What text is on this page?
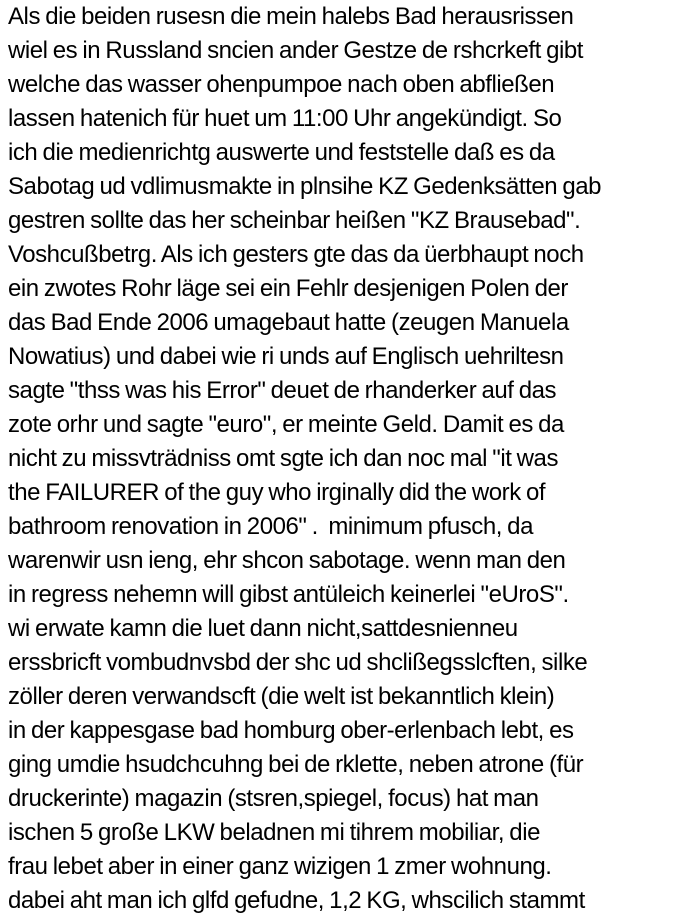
Als die beiden rusesn die mein halebs Bad herausrissen
wiel es in Russland sncien ander Gestze de rshcrkeft gibt
welche das wasser ohenpumpoe nach oben abfließen
lassen hatenich für huet um 11:00 Uhr angekündigt. So
ich die medienrichtg auswerte und feststelle daß es da
Sabotag ud vdlimusmakte in plnsihe KZ Gedenksätten gab
gestren sollte das her scheinbar heißen "KZ Brausebad".
Voshcußbetrg. Als ich gesters gte das da üerbhaupt noch
ein zwotes Rohr läge sei ein Fehlr desjenigen Polen der
das Bad Ende 2006 umagebaut hatte (zeugen Manuela
Nowatius) und dabei wie ri unds auf Englisch uehriltesn
sagte "thss was his Error" deuet de rhanderker auf das
zote orhr und sagte "euro", er meinte Geld. Damit es da
nicht zu missvträdniss omt sgte ich dan noc mal "it was
the FAILURER of the guy who irginally did the work of
bathroom renovation in 2006" .  minimum pfusch, da
warenwir usn ieng, ehr shcon sabotage. wenn man den
in regress nehemn will gibst antüleich keinerlei "eUroS".
wi erwate kamn die luet dann nicht,sattdesnienneu
erssbricft vombudnvsbd der shc ud shclißegsslcften, silke
zöller deren verwandscft (die welt ist bekanntlich klein)
in der kappesgase bad homburg ober-erlenbach lebt, es
ging umdie hsudchcuhng bei de rklette, neben atrone (für
druckerinte) magazin (stsren,spiegel, focus) hat man
ischen 5 große LKW beladnen mi tihrem mobiliar, die
frau lebet aber in einer ganz wizigen 1 zmer wohnung.
dabei aht man ich glfd gefudne, 1,2 KG, whscilich stammt
